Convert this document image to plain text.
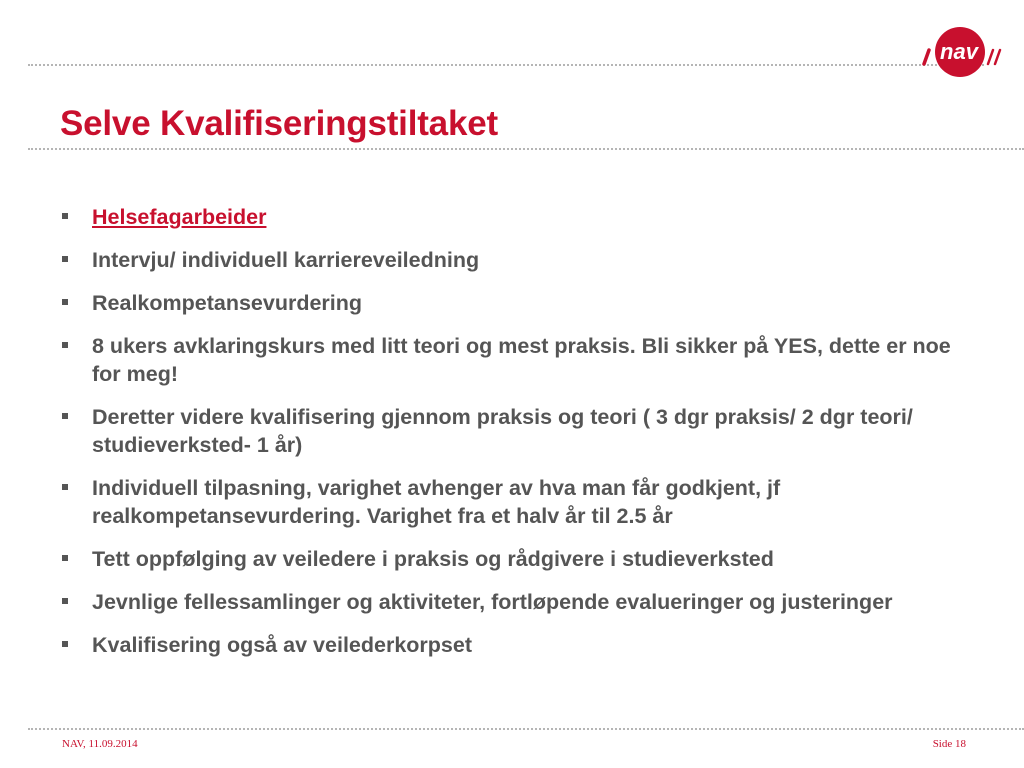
nav
Selve Kvalifiseringstiltaket
Helsefagarbeider
Intervju/ individuell karriereveiledning
Realkompetansevurdering
8 ukers avklaringskurs med litt teori og mest praksis. Bli sikker på YES, dette er noe for meg!
Deretter videre kvalifisering gjennom praksis og teori ( 3 dgr praksis/ 2 dgr teori/ studieverksted- 1 år)
Individuell tilpasning, varighet avhenger av hva man får godkjent, jf realkompetansevurdering. Varighet fra et halv år til 2.5 år
Tett oppfølging av veiledere i praksis og rådgivere i studieverksted
Jevnlige fellessamlinger og aktiviteter, fortløpende evalueringer og justeringer
Kvalifisering også av veilederkorpset
NAV, 11.09.2014	Side 18
